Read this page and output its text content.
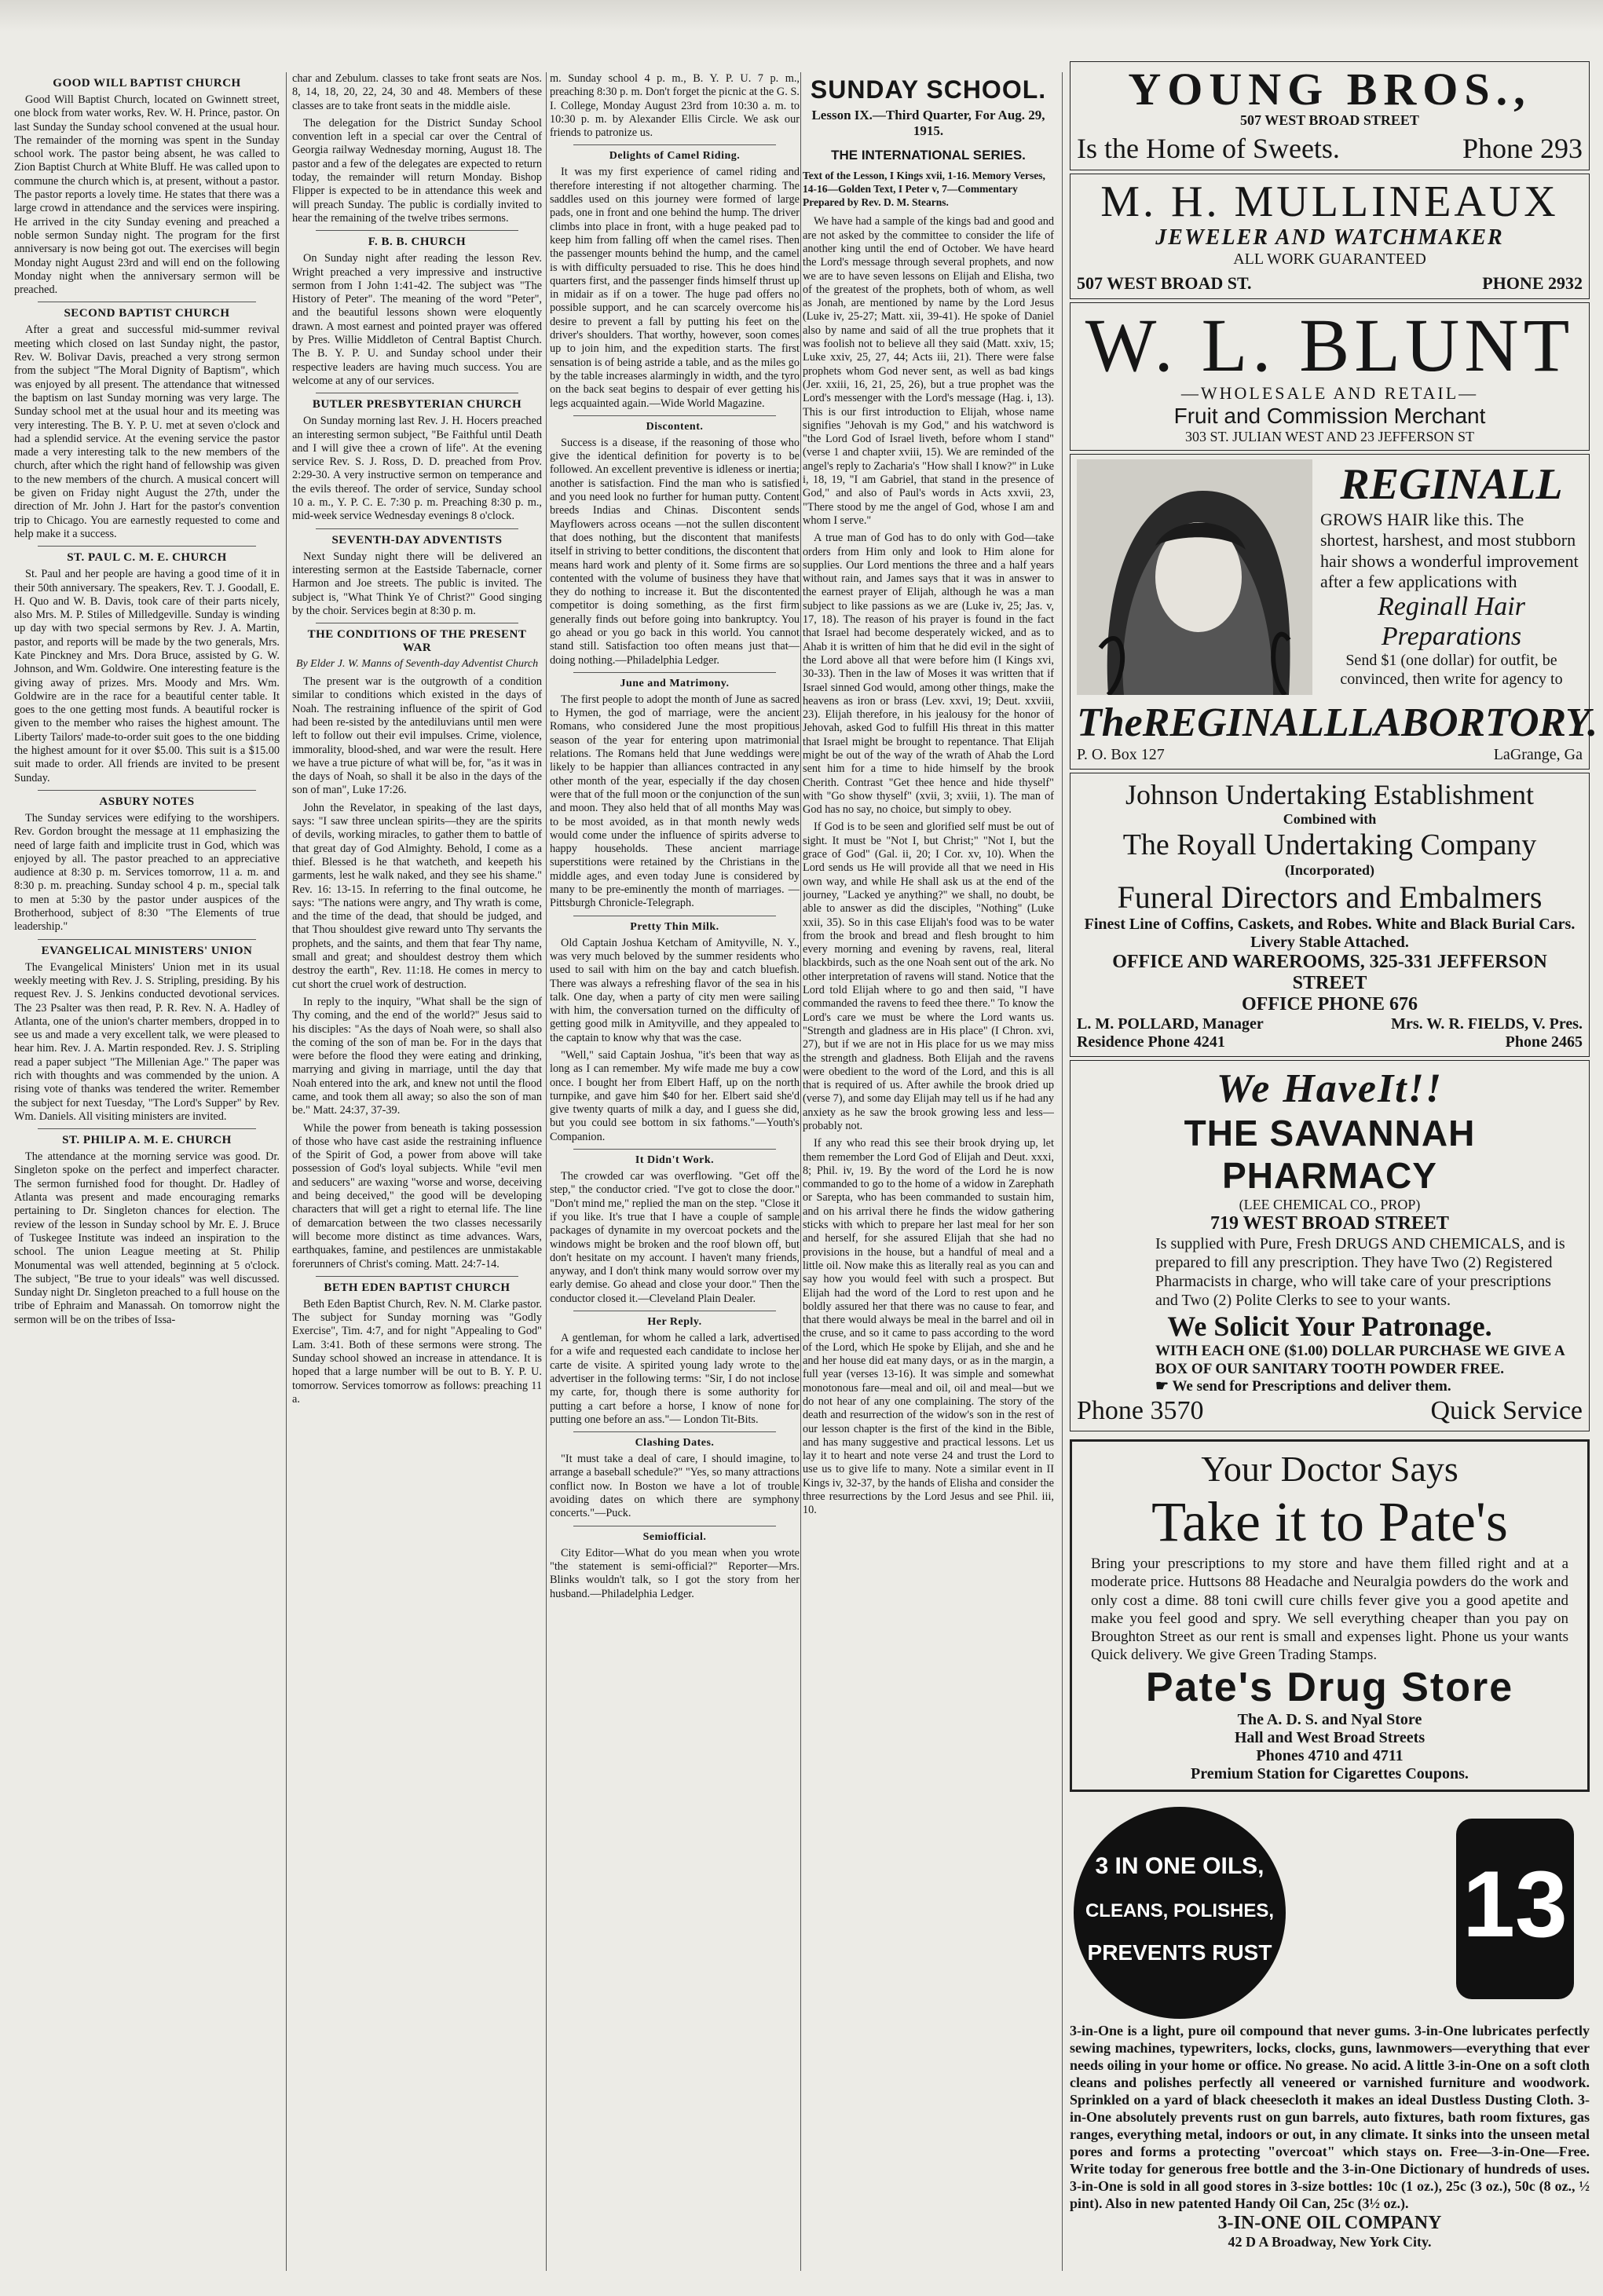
GOOD WILL BAPTIST CHURCH

Good Will Baptist Church, located on Gwinnett street, one block from water works, Rev. W. H. Prince, pastor. On last Sunday the Sunday school convened at the usual hour. The remainder of the morning was spent in the Sunday school work. The pastor being absent, he was called to Zion Baptist Church at White Bluff. He was called upon to commune the church which is, at present, without a pastor. The pastor reports a lovely time. He states that there was a large crowd in attendance and the services were inspiring. He arrived in the city Sunday evening and preached a noble sermon Sunday night. The program for the first anniversary is now being got out. The exercises will begin Monday night August 23rd and will end on the following Monday night when the anniversary sermon will be preached.

SECOND BAPTIST CHURCH

After a great and successful mid-summer revival meeting which closed on last Sunday night, the pastor, Rev. W. Bolivar Davis, preached a very strong sermon from the subject "The Moral Dignity of Baptism", which was enjoyed by all present. The attendance that witnessed the baptism on last Sunday morning was very large. The Sunday school met at the usual hour and its meeting was very interesting. The B. Y. P. U. met at seven o'clock and had a splendid service. At the evening service the pastor made a very interesting talk to the new members of the church, after which the right hand of fellowship was given to the new members of the church. A musical concert will be given on Friday night August the 27th, under the direction of Mr. John J. Hart for the pastor's convention trip to Chicago. You are earnestly requested to come and help make it a success.

ST. PAUL C. M. E. CHURCH

St. Paul and her people are having a good time of it in their 50th anniversary. The speakers, Rev. T. J. Goodall, E. H. Quo and W. B. Davis, took care of their parts nicely, also Mrs. M. P. Stiles of Milledgeville. Sunday is winding up day with two special sermons by Rev. J. A. Martin, pastor, and reports will be made by the two generals, Mrs. Kate Pinckney and Mrs. Dora Bruce, assisted by G. W. Johnson, and Wm. Goldwire. One interesting feature is the giving away of prizes. Mrs. Moody and Mrs. Wm. Goldwire are in the race for a beautiful center table. It goes to the one getting most funds. A beautiful rocker is given to the member who raises the highest amount. The Liberty Tailors' made-to-order suit goes to the one bidding the highest amount for it over $5.00. This suit is a $15.00 suit made to order. All friends are invited to be present Sunday.

ASBURY NOTES

The Sunday services were edifying to the worshipers. Rev. Gordon brought the message at 11 emphasizing the need of large faith and implicite trust in God, which was enjoyed by all. The pastor preached to an appreciative audience at 8:30 p. m. Services tomorrow, 11 a. m. and 8:30 p. m. preaching. Sunday school 4 p. m., special talk to men at 5:30 by the pastor under auspices of the Brotherhood, subject of 8:30 "The Elements of true leadership."

EVANGELICAL MINISTERS' UNION

The Evangelical Ministers' Union met in its usual weekly meeting with Rev. J. S. Stripling, presiding. By his request Rev. J. S. Jenkins conducted devotional services. The 23 Psalter was then read, P. R. Rev. N. A. Hadley of Atlanta, one of the union's charter members, dropped in to see us and made a very excellent talk, we were pleased to hear him. Rev. J. A. Martin responded. Rev. J. S. Stripling read a paper subject "The Millenian Age." The paper was rich with thoughts and was commended by the union. A rising vote of thanks was tendered the writer. Remember the subject for next Tuesday, "The Lord's Supper" by Rev. Wm. Daniels. All visiting ministers are invited.

ST. PHILIP A. M. E. CHURCH

The attendance at the morning service was good. Dr. Singleton spoke on the perfect and imperfect character. The sermon furnished food for thought. Dr. Hadley of Atlanta was present and made encouraging remarks pertaining to Dr. Singleton chances for election. The review of the lesson in Sunday school by Mr. E. J. Bruce of Tuskegee Institute was indeed an inspiration to the school. The union League meeting at St. Philip Monumental was well attended, beginning at 5 o'clock. The subject, "Be true to your ideals" was well discussed. Sunday night Dr. Singleton preached to a full house on the tribe of Ephraim and Manassah. On tomorrow night the sermon will be on the tribes of Issa-

char and Zebulum. classes to take front seats are Nos. 8, 14, 18, 20, 22, 24, 30 and 48. Members of these classes are to take front seats in the middle aisle.

The delegation for the District Sunday School convention left in a special car over the Central of Georgia railway Wednesday morning, August 18. The pastor and a few of the delegates are expected to return today, the remainder will return Monday. Bishop Flipper is expected to be in attendance this week and will preach Sunday. The public is cordially invited to hear the remaining of the twelve tribes sermons.

F. B. B. CHURCH

On Sunday night after reading the lesson Rev. Wright preached a very impressive and instructive sermon from I John 1:41-42. The subject was "The History of Peter". The meaning of the word "Peter", and the beautiful lessons shown were eloquently drawn. A most earnest and pointed prayer was offered by Pres. Willie Middleton of Central Baptist Church. The B. Y. P. U. and Sunday school under their respective leaders are having much success. You are welcome at any of our services.

BUTLER PRESBYTERIAN CHURCH

On Sunday morning last Rev. J. H. Hocers preached an interesting sermon subject, "Be Faithful until Death and I will give thee a crown of life". At the evening service Rev. S. J. Ross, D. D. preached from Prov. 2:29-30. A very instructive sermon on temperance and the evils thereof. The order of service, Sunday school 10 a. m., Y. P. C. E. 7:30 p. m. Preaching 8:30 p. m., mid-week service Wednesday evenings 8 o'clock.

SEVENTH-DAY ADVENTISTS

Next Sunday night there will be delivered an interesting sermon at the Eastside Tabernacle, corner Harmon and Joe streets. The public is invited. The subject is, "What Think Ye of Christ?" Good singing by the choir. Services begin at 8:30 p. m.

THE CONDITIONS OF THE PRESENT WAR
By Elder J. W. Manns of Seventh-day Adventist Church

The present war is the outgrowth of a condition similar to conditions which existed in the days of Noah. The restraining influence of the spirit of God had been re-sisted by the antediluvians until men were left to follow out their evil impulses. Crime, violence, immorality, blood-shed, and war were the result. Here we have a true picture of what will be, for, "as it was in the days of Noah, so shall it be also in the days of the son of man", Luke 17:26.

John the Revelator, in speaking of the last days, says: "I saw three unclean spirits—they are the spirits of devils, working miracles, to gather them to battle of that great day of God Almighty. Behold, I come as a thief. Blessed is he that watcheth, and keepeth his garments, lest he walk naked, and they see his shame." Rev. 16: 13-15. In referring to the final outcome, he says: "The nations were angry, and Thy wrath is come, and the time of the dead, that should be judged, and that Thou shouldest give reward unto Thy servants the prophets, and the saints, and them that fear Thy name, small and great; and shouldest destroy them which destroy the earth", Rev. 11:18. He comes in mercy to cut short the cruel work of destruction.

In reply to the inquiry, "What shall be the sign of Thy coming, and the end of the world?" Jesus said to his disciples: "As the days of Noah were, so shall also the coming of the son of man be. For in the days that were before the flood they were eating and drinking, marrying and giving in marriage, until the day that Noah entered into the ark, and knew not until the flood came, and took them all away; so also the son of man be." Matt. 24:37, 37-39.

While the power from beneath is taking possession of those who have cast aside the restraining influence of the Spirit of God, a power from above will take possession of God's loyal subjects. While "evil men and seducers" are waxing "worse and worse, deceiving and being deceived," the good will be developing characters that will get a right to eternal life. The line of demarcation between the two classes necessarily will become more distinct as time advances. Wars, earthquakes, famine, and pestilences are unmistakable forerunners of Christ's coming. Matt. 24:7-14.

BETH EDEN BAPTIST CHURCH

Beth Eden Baptist Church, Rev. N. M. Clarke pastor. The subject for Sunday morning was "Godly Exercise", Tim. 4:7, and for night "Appealing to God" Lam. 3:41. Both of these sermons were strong. The Sunday school showed an increase in attendance. It is hoped that a large number will be out to B. Y. P. U. tomorrow. Services tomorrow as follows: preaching 11 a.

m. Sunday school 4 p. m., B. Y. P. U. 7 p. m., preaching 8:30 p. m. Don't forget the picnic at the G. S. I. College, Monday August 23rd from 10:30 a. m. to 10:30 p. m. by Alexander Ellis Circle. We ask our friends to patronize us.

Delights of Camel Riding.

It was my first experience of camel riding and therefore interesting if not altogether charming. The saddles used on this journey were formed of large pads, one in front and one behind the hump. The driver climbs into place in front, with a huge peaked pad to keep him from falling off when the camel rises. Then the passenger mounts behind the hump, and the camel is with difficulty persuaded to rise. This he does hind quarters first, and the passenger finds himself thrust up in midair as if on a tower. The huge pad offers no possible support, and he can scarcely overcome his desire to prevent a fall by putting his feet on the driver's shoulders. That worthy, however, soon comes up to join him, and the expedition starts. The first sensation is of being astride a table, and as the miles go by the table increases alarmingly in width, and the tyro on the back seat begins to despair of ever getting his legs acquainted again.—Wide World Magazine.

Discontent.

Success is a disease, if the reasoning of those who give the identical definition for poverty is to be followed. An excellent preventive is idleness or inertia; another is satisfaction. Find the man who is satisfied and you need look no further for human putty. Content breeds Indias and Chinas. Discontent sends Mayflowers across oceans —not the sullen discontent that does nothing, but the discontent that manifests itself in striving to better conditions, the discontent that means hard work and plenty of it. Some firms are so contented with the volume of business they have that they do nothing to increase it. But the discontented competitor is doing something, as the first firm generally finds out before going into bankruptcy. You go ahead or you go back in this world. You cannot stand still. Satisfaction too often means just that—doing nothing.—Philadelphia Ledger.

June and Matrimony.

The first people to adopt the month of June as sacred to Hymen, the god of marriage, were the ancient Romans, who considered June the most propitious season of the year for entering upon matrimonial relations. The Romans held that June weddings were likely to be happier than alliances contracted in any other month of the year, especially if the day chosen were that of the full moon or the conjunction of the sun and moon. They also held that of all months May was to be most avoided, as in that month newly weds would come under the influence of spirits adverse to happy households. These ancient marriage superstitions were retained by the Christians in the middle ages, and even today June is considered by many to be pre-eminently the month of marriages. — Pittsburgh Chronicle-Telegraph.

Pretty Thin Milk.

Old Captain Joshua Ketcham of Amityville, N. Y., was very much beloved by the summer residents who used to sail with him on the bay and catch bluefish. There was always a refreshing flavor of the sea in his talk. One day, when a party of city men were sailing with him, the conversation turned on the difficulty of getting good milk in Amityville, and they appealed to the captain to know why that was the case.

"Well," said Captain Joshua, "it's been that way as long as I can remember. My wife made me buy a cow once. I bought her from Elbert Haff, up on the north turnpike, and gave him $40 for her. Elbert said she'd give twenty quarts of milk a day, and I guess she did, but you could see bottom in six fathoms."—Youth's Companion.

It Didn't Work.

The crowded car was overflowing. "Get off the step," the conductor cried. "I've got to close the door." "Don't mind me," replied the man on the step. "Close it if you like. It's true that I have a couple of sample packages of dynamite in my overcoat pockets and the windows might be broken and the roof blown off, but don't hesitate on my account. I haven't many friends, anyway, and I don't think many would sorrow over my early demise. Go ahead and close your door." Then the conductor closed it.—Cleveland Plain Dealer.

Her Reply.

A gentleman, for whom he called a lark, advertised for a wife and requested each candidate to inclose her carte de visite. A spirited young lady wrote to the advertiser in the following terms: "Sir, I do not inclose my carte, for, though there is some authority for putting a cart before a horse, I know of none for putting one before an ass."— London Tit-Bits.

Clashing Dates.

"It must take a deal of care, I should imagine, to arrange a baseball schedule?" "Yes, so many attractions conflict now. In Boston we have a lot of trouble avoiding dates on which there are symphony concerts."—Puck.

Semiofficial.

City Editor—What do you mean when you wrote "the statement is semi-official?" Reporter—Mrs. Blinks wouldn't talk, so I got the story from her husband.—Philadelphia Ledger.

SUNDAY SCHOOL.
Lesson IX.—Third Quarter, For Aug. 29, 1915.
THE INTERNATIONAL SERIES.
Text of the Lesson, I Kings xvii, 1-16. Memory Verses, 14-16—Golden Text, I Peter v, 7—Commentary Prepared by Rev. D. M. Stearns.

We have had a sample of the kings bad and good and are not asked by the committee to consider the life of another king until the end of October. We have heard the Lord's message through several prophets, and now we are to have seven lessons on Elijah and Elisha, two of the greatest of the prophets, both of whom, as well as Jonah, are mentioned by name by the Lord Jesus (Luke iv, 25-27; Matt. xii, 39-41). He spoke of Daniel also by name and said of all the true prophets that it was foolish not to believe all they said (Matt. xxiv, 15; Luke xxiv, 25, 27, 44; Acts iii, 21). There were false prophets whom God never sent, as well as bad kings (Jer. xxiii, 16, 21, 25, 26), but a true prophet was the Lord's messenger with the Lord's message (Hag. i, 13). This is our first introduction to Elijah, whose name signifies "Jehovah is my God," and his watchword is "the Lord God of Israel liveth, before whom I stand" (verse 1 and chapter xviii, 15). We are reminded of the angel's reply to Zacharia's "How shall I know?" in Luke i, 18, 19, "I am Gabriel, that stand in the presence of God," and also of Paul's words in Acts xxvii, 23, "There stood by me the angel of God, whose I am and whom I serve."

A true man of God has to do only with God—take orders from Him only and look to Him alone for supplies. Our Lord mentions the three and a half years without rain, and James says that it was in answer to the earnest prayer of Elijah, although he was a man subject to like passions as we are (Luke iv, 25; Jas. v, 17, 18). The reason of his prayer is found in the fact that Israel had become desperately wicked, and as to Ahab it is written of him that he did evil in the sight of the Lord above all that were before him (I Kings xvi, 30-33). Then in the law of Moses it was written that if Israel sinned God would, among other things, make the heavens as iron or brass (Lev. xxvi, 19; Deut. xxviii, 23). Elijah therefore, in his jealousy for the honor of Jehovah, asked God to fulfill His threat in this matter that Israel might be brought to repentance. That Elijah might be out of the way of the wrath of Ahab the Lord sent him for a time to hide himself by the brook Cherith. Contrast "Get thee hence and hide thyself" with "Go show thyself" (xvii, 3; xviii, 1). The man of God has no say, no choice, but simply to obey.

If God is to be seen and glorified self must be out of sight. It must be "Not I, but Christ;" "Not I, but the grace of God" (Gal. ii, 20; I Cor. xv, 10). When the Lord sends us He will provide all that we need in His own way, and while He shall ask us at the end of the journey, "Lacked ye anything?" we shall, no doubt, be able to answer as did the disciples, "Nothing" (Luke xxii, 35). So in this case Elijah's food was to be water from the brook and bread and flesh brought to him every morning and evening by ravens, real, literal blackbirds, such as the one Noah sent out of the ark. No other interpretation of ravens will stand. Notice that the Lord told Elijah where to go and then said, "I have commanded the ravens to feed thee there." To know the Lord's care we must be where the Lord wants us. "Strength and gladness are in His place" (I Chron. xvi, 27), but if we are not in His place for us we may miss the strength and gladness. Both Elijah and the ravens were obedient to the word of the Lord, and this is all that is required of us. After awhile the brook dried up (verse 7), and some day Elijah may tell us if he had any anxiety as he saw the brook growing less and less—probably not.

If any who read this see their brook drying up, let them remember the Lord God of Elijah and Deut. xxxi, 8; Phil. iv, 19. By the word of the Lord he is now commanded to go to the home of a widow in Zarephath or Sarepta, who has been commanded to sustain him, and on his arrival there he finds the widow gathering sticks with which to prepare her last meal for her son and herself, for she assured Elijah that she had no provisions in the house, but a handful of meal and a little oil. Now make this as literally real as you can and say how you would feel with such a prospect. But Elijah had the word of the Lord to rest upon and he boldly assured her that there was no cause to fear, and that there would always be meal in the barrel and oil in the cruse, and so it came to pass according to the word of the Lord, which He spoke by Elijah, and she and he and her house did eat many days, or as in the margin, a full year (verses 13-16). It was simple and somewhat monotonous fare—meal and oil, oil and meal—but we do not hear of any one complaining. The story of the death and resurrection of the widow's son in the rest of our lesson chapter is the first of the kind in the Bible, and has many suggestive and practical lessons. Let us lay it to heart and note verse 24 and trust the Lord to use us to give life to many. Note a similar event in II Kings iv, 32-37, by the hands of Elisha and consider the three resurrections by the Lord Jesus and see Phil. iii, 10.

YOUNG BROS.,
507 WEST BROAD STREET
Is the Home of Sweets.	Phone 293
M. H. MULLINEAUX
JEWELER AND WATCHMAKER
ALL WORK GUARANTEED
507 WEST BROAD ST.	PHONE 2932
W. L. BLUNT
—WHOLESALE AND RETAIL—
Fruit and Commission Merchant
303 ST. JULIAN WEST AND 23 JEFFERSON ST
REGINALL
GROWS HAIR like this. The shortest, harshest, and most stubborn hair shows a wonderful improvement after a few applications with
Reginall Hair Preparations
Send $1 (one dollar) for outfit, be convinced, then write for agency to
TheREGINALLLABORTORY.
P. O. Box 127	LaGrange, Ga
Johnson Undertaking Establishment
Combined with
The Royall Undertaking Company
(Incorporated)
Funeral Directors and Embalmers
Finest Line of Coffins, Caskets, and Robes. White and Black Burial Cars. Livery Stable Attached.
OFFICE AND WAREROOMS, 325-331 JEFFERSON STREET
OFFICE PHONE 676
L. M. POLLARD, Manager	Mrs. W. R. FIELDS, V. Pres.
Residence Phone 4241	Phone 2465
We HaveIt!!
THE SAVANNAH PHARMACY
(LEE CHEMICAL CO., PROP)
719 WEST BROAD STREET
Is supplied with Pure, Fresh DRUGS AND CHEMICALS, and is prepared to fill any prescription. They have Two (2) Registered Pharmacists in charge, who will take care of your prescriptions and Two (2) Polite Clerks to see to your wants.
We Solicit Your Patronage.
WITH EACH ONE ($1.00) DOLLAR PURCHASE WE GIVE A BOX OF OUR SANITARY TOOTH POWDER FREE.
☛ We send for Prescriptions and deliver them.
Phone 3570	Quick Service
Your Doctor Says
Take it to Pate's
Bring your prescriptions to my store and have them filled right and at a moderate price. Huttsons 88 Headache and Neuralgia powders do the work and only cost a dime. 88 toni cwill cure chills fever give you a good apetite and make you feel good and spry. We sell everything cheaper than you pay on Broughton Street as our rent is small and expenses light. Phone us your wants Quick delivery. We give Green Trading Stamps.
Pate's Drug Store
The A. D. S. and Nyal Store
Hall and West Broad Streets
Phones 4710 and 4711
Premium Station for Cigarettes Coupons.
3 IN ONE OILS,
CLEANS, POLISHES,
PREVENTS RUST 13
3-in-One is a light, pure oil compound that never gums. 3-in-One lubricates perfectly sewing machines, typewriters, locks, clocks, guns, lawnmowers—everything that ever needs oiling in your home or office. No grease. No acid. A little 3-in-One on a soft cloth cleans and polishes perfectly all veneered or varnished furniture and woodwork. Sprinkled on a yard of black cheesecloth it makes an ideal Dustless Dusting Cloth. 3-in-One absolutely prevents rust on gun barrels, auto fixtures, bath room fixtures, gas ranges, everything metal, indoors or out, in any climate. It sinks into the unseen metal pores and forms a protecting "overcoat" which stays on. Free—3-in-One—Free. Write today for generous free bottle and the 3-in-One Dictionary of hundreds of uses. 3-in-One is sold in all good stores in 3-size bottles: 10c (1 oz.), 25c (3 oz.), 50c (8 oz., ½ pint). Also in new patented Handy Oil Can, 25c (3½ oz.).
3-IN-ONE OIL COMPANY
42 D A Broadway, New York City.
